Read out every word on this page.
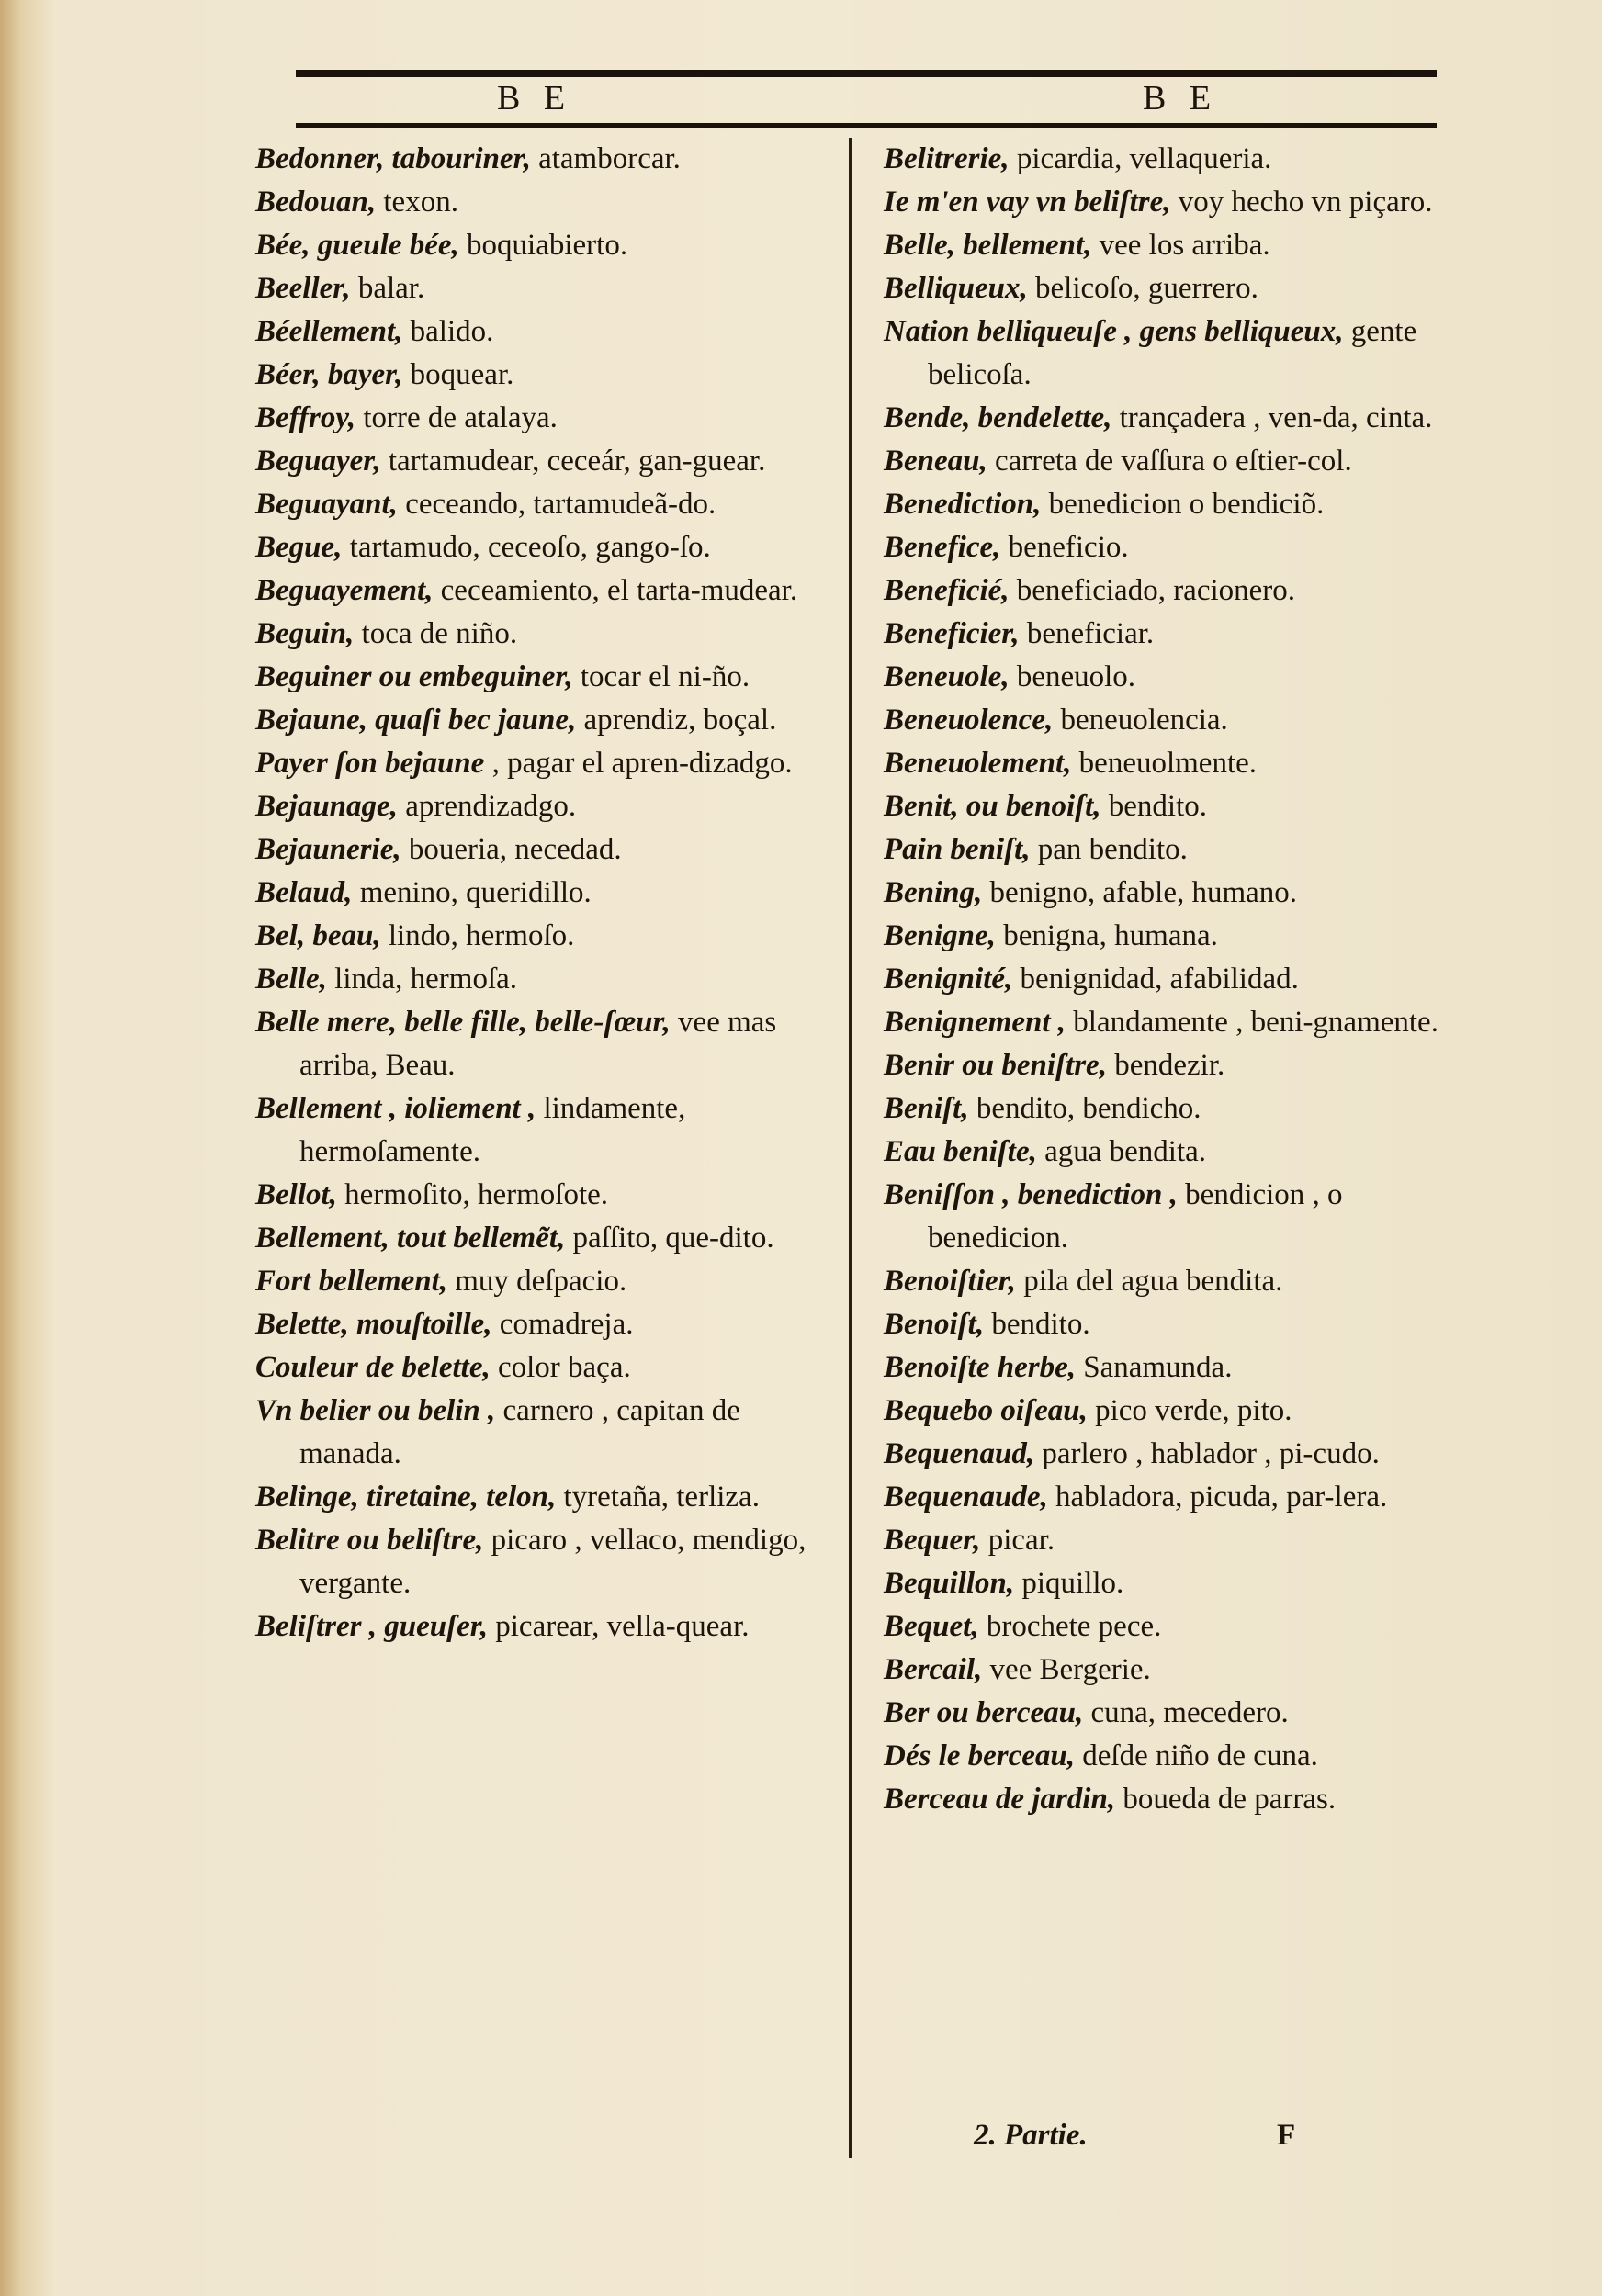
B E	B E

Bedonner, tabouriner, atamborcar.

Bedouan, texon.

Bée, gueule bée, boquiabierto.

Beeller, balar.

Béellement, balido.

Béer, bayer, boquear.

Beffroy, torre de atalaya.

Beguayer, tartamudear, ceceár, gan-guear.

Beguayant, ceceando, tartamudeã-do.

Begue, tartamudo, ceceoſo, gango-ſo.

Beguayement, ceceamiento, el tarta-mudear.

Beguin, toca de niño.

Beguiner ou embeguiner, tocar el ni-ño.

Bejaune, quaſi bec jaune, aprendiz, boçal.

Payer ſon bejaune , pagar el apren-dizadgo.

Bejaunage, aprendizadgo.

Bejaunerie, boueria, necedad.

Belaud, menino, queridillo.

Bel, beau, lindo, hermoſo.

Belle, linda, hermoſa.

Belle mere, belle fille, belle-ſœur, vee mas arriba, Beau.

Bellement , ioliement , lindamente, hermoſamente.

Bellot, hermoſito, hermoſote.

Bellement, tout bellemẽt, paſſito, que-dito.

Fort bellement, muy deſpacio.

Belette, mouſtoille, comadreja.

Couleur de belette, color baça.

Vn belier ou belin , carnero , capitan de manada.

Belinge, tiretaine, telon, tyretaña, terliza.

Belitre ou beliſtre, picaro , vellaco, mendigo, vergante.

Beliſtrer , gueuſer, picarear, vella-quear.

Belitrerie, picardia, vellaqueria.

Ie m'en vay vn beliſtre, voy hecho vn piçaro.

Belle, bellement, vee los arriba.

Belliqueux, belicoſo, guerrero.

Nation belliqueuſe , gens belliqueux, gente belicoſa.

Bende, bendelette, trançadera , ven-da, cinta.

Beneau, carreta de vaſſura o eſtier-col.

Benediction, benedicion o bendiciõ.

Benefice, beneficio.

Beneficié, beneficiado, racionero.

Beneficier, beneficiar.

Beneuole, beneuolo.

Beneuolence, beneuolencia.

Beneuolement, beneuolmente.

Benit, ou benoiſt, bendito.

Pain beniſt, pan bendito.

Bening, benigno, afable, humano.

Benigne, benigna, humana.

Benignité, benignidad, afabilidad.

Benignement , blandamente , beni-gnamente.

Benir ou beniſtre, bendezir.

Beniſt, bendito, bendicho.

Eau beniſte, agua bendita.

Beniſſon , benediction , bendicion , o benedicion.

Benoiſtier, pila del agua bendita.

Benoiſt, bendito.

Benoiſte herbe, Sanamunda.

Bequebo oiſeau, pico verde, pito.

Bequenaud, parlero , hablador , pi-cudo.

Bequenaude, habladora, picuda, par-lera.

Bequer, picar.

Bequillon, piquillo.

Bequet, brochete pece.

Bercail, vee Bergerie.

Ber ou berceau, cuna, mecedero.

Dés le berceau, deſde niño de cuna.

Berceau de jardin, boueda de parras.

2. Partie.	F
